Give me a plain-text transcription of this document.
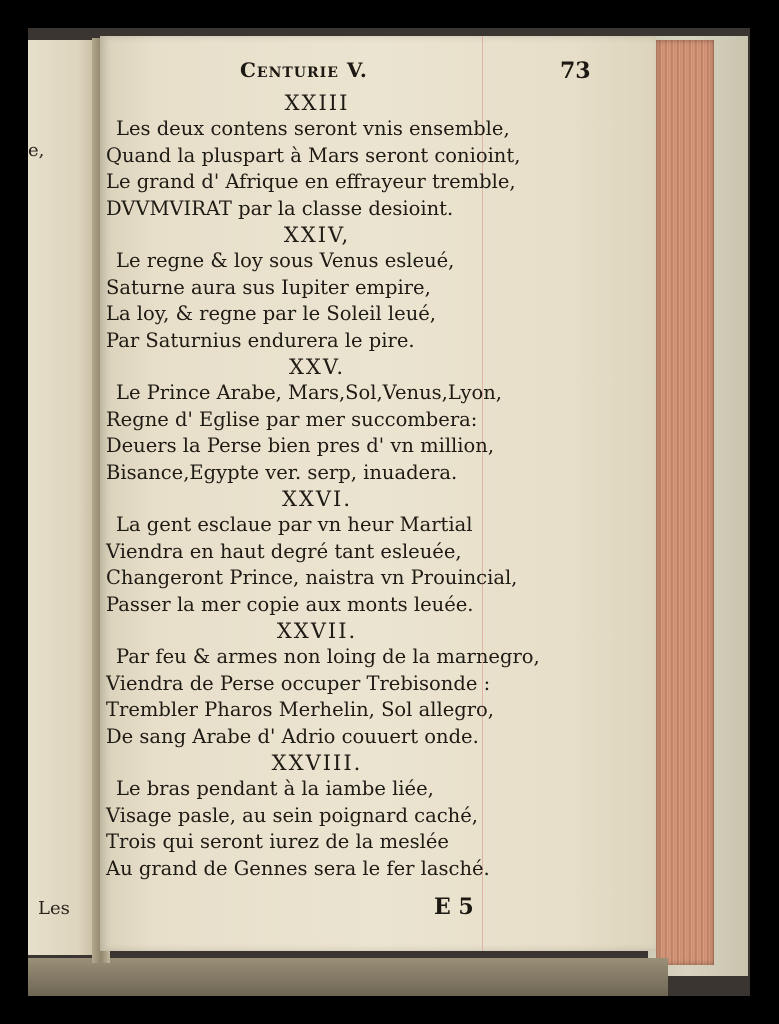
e,
Les
Centurie V.	73
XXIII
Les deux contens seront vnis ensemble,
Quand la pluspart à Mars seront conioint,
Le grand d' Afrique en effrayeur tremble,
DVVMVIRAT par la classe desioint.
XXIV,
Le regne & loy sous Venus esleué,
Saturne aura sus Iupiter empire,
La loy, & regne par le Soleil leué,
Par Saturnius endurera le pire.
XXV.
Le Prince Arabe, Mars,Sol,Venus,Lyon,
Regne d' Eglise par mer succombera:
Deuers la Perse bien pres d' vn million,
Bisance,Egypte ver. serp, inuadera.
XXVI.
La gent esclaue par vn heur Martial
Viendra en haut degré tant esleuée,
Changeront Prince, naistra vn Prouincial,
Passer la mer copie aux monts leuée.
XXVII.
Par feu & armes non loing de la marnegro,
Viendra de Perse occuper Trebisonde :
Trembler Pharos Merhelin, Sol allegro,
De sang Arabe d' Adrio couuert onde.
XXVIII.
Le bras pendant à la iambe liée,
Visage pasle, au sein poignard caché,
Trois qui seront iurez de la meslée
Au grand de Gennes sera le fer lasché.
E 5
